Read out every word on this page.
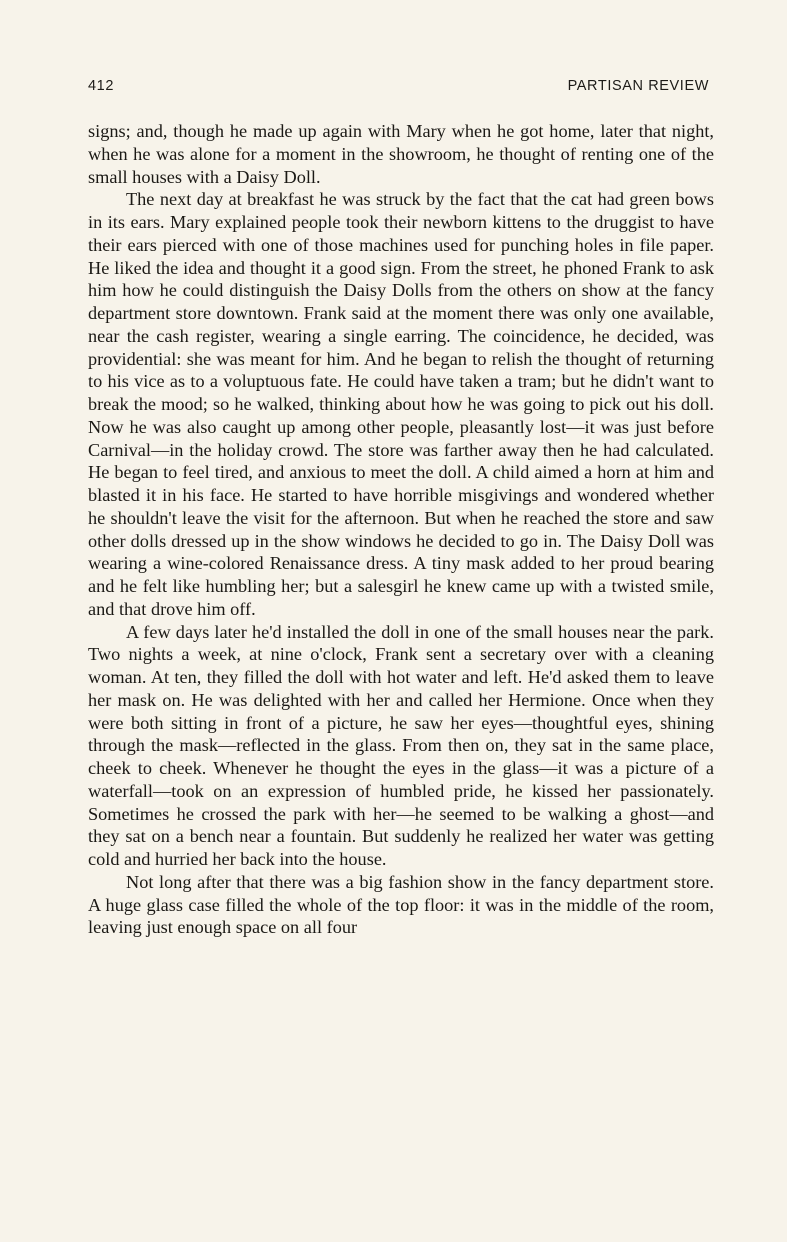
412	PARTISAN REVIEW

signs; and, though he made up again with Mary when he got home, later that night, when he was alone for a moment in the showroom, he thought of renting one of the small houses with a Daisy Doll.

The next day at breakfast he was struck by the fact that the cat had green bows in its ears. Mary explained people took their newborn kittens to the druggist to have their ears pierced with one of those machines used for punching holes in file paper. He liked the idea and thought it a good sign. From the street, he phoned Frank to ask him how he could distinguish the Daisy Dolls from the others on show at the fancy department store downtown. Frank said at the moment there was only one available, near the cash register, wearing a single earring. The coincidence, he decided, was providential: she was meant for him. And he began to relish the thought of returning to his vice as to a voluptuous fate. He could have taken a tram; but he didn't want to break the mood; so he walked, thinking about how he was going to pick out his doll. Now he was also caught up among other people, pleasantly lost—it was just before Carnival—in the holiday crowd. The store was farther away then he had calculated. He began to feel tired, and anxious to meet the doll. A child aimed a horn at him and blasted it in his face. He started to have horrible misgivings and wondered whether he shouldn't leave the visit for the afternoon. But when he reached the store and saw other dolls dressed up in the show windows he decided to go in. The Daisy Doll was wearing a wine-colored Renaissance dress. A tiny mask added to her proud bearing and he felt like humbling her; but a salesgirl he knew came up with a twisted smile, and that drove him off.

A few days later he'd installed the doll in one of the small houses near the park. Two nights a week, at nine o'clock, Frank sent a secretary over with a cleaning woman. At ten, they filled the doll with hot water and left. He'd asked them to leave her mask on. He was delighted with her and called her Hermione. Once when they were both sitting in front of a picture, he saw her eyes—thoughtful eyes, shining through the mask—reflected in the glass. From then on, they sat in the same place, cheek to cheek. Whenever he thought the eyes in the glass—it was a picture of a waterfall—took on an expression of humbled pride, he kissed her passionately. Sometimes he crossed the park with her—he seemed to be walking a ghost—and they sat on a bench near a fountain. But suddenly he realized her water was getting cold and hurried her back into the house.

Not long after that there was a big fashion show in the fancy department store. A huge glass case filled the whole of the top floor: it was in the middle of the room, leaving just enough space on all four
